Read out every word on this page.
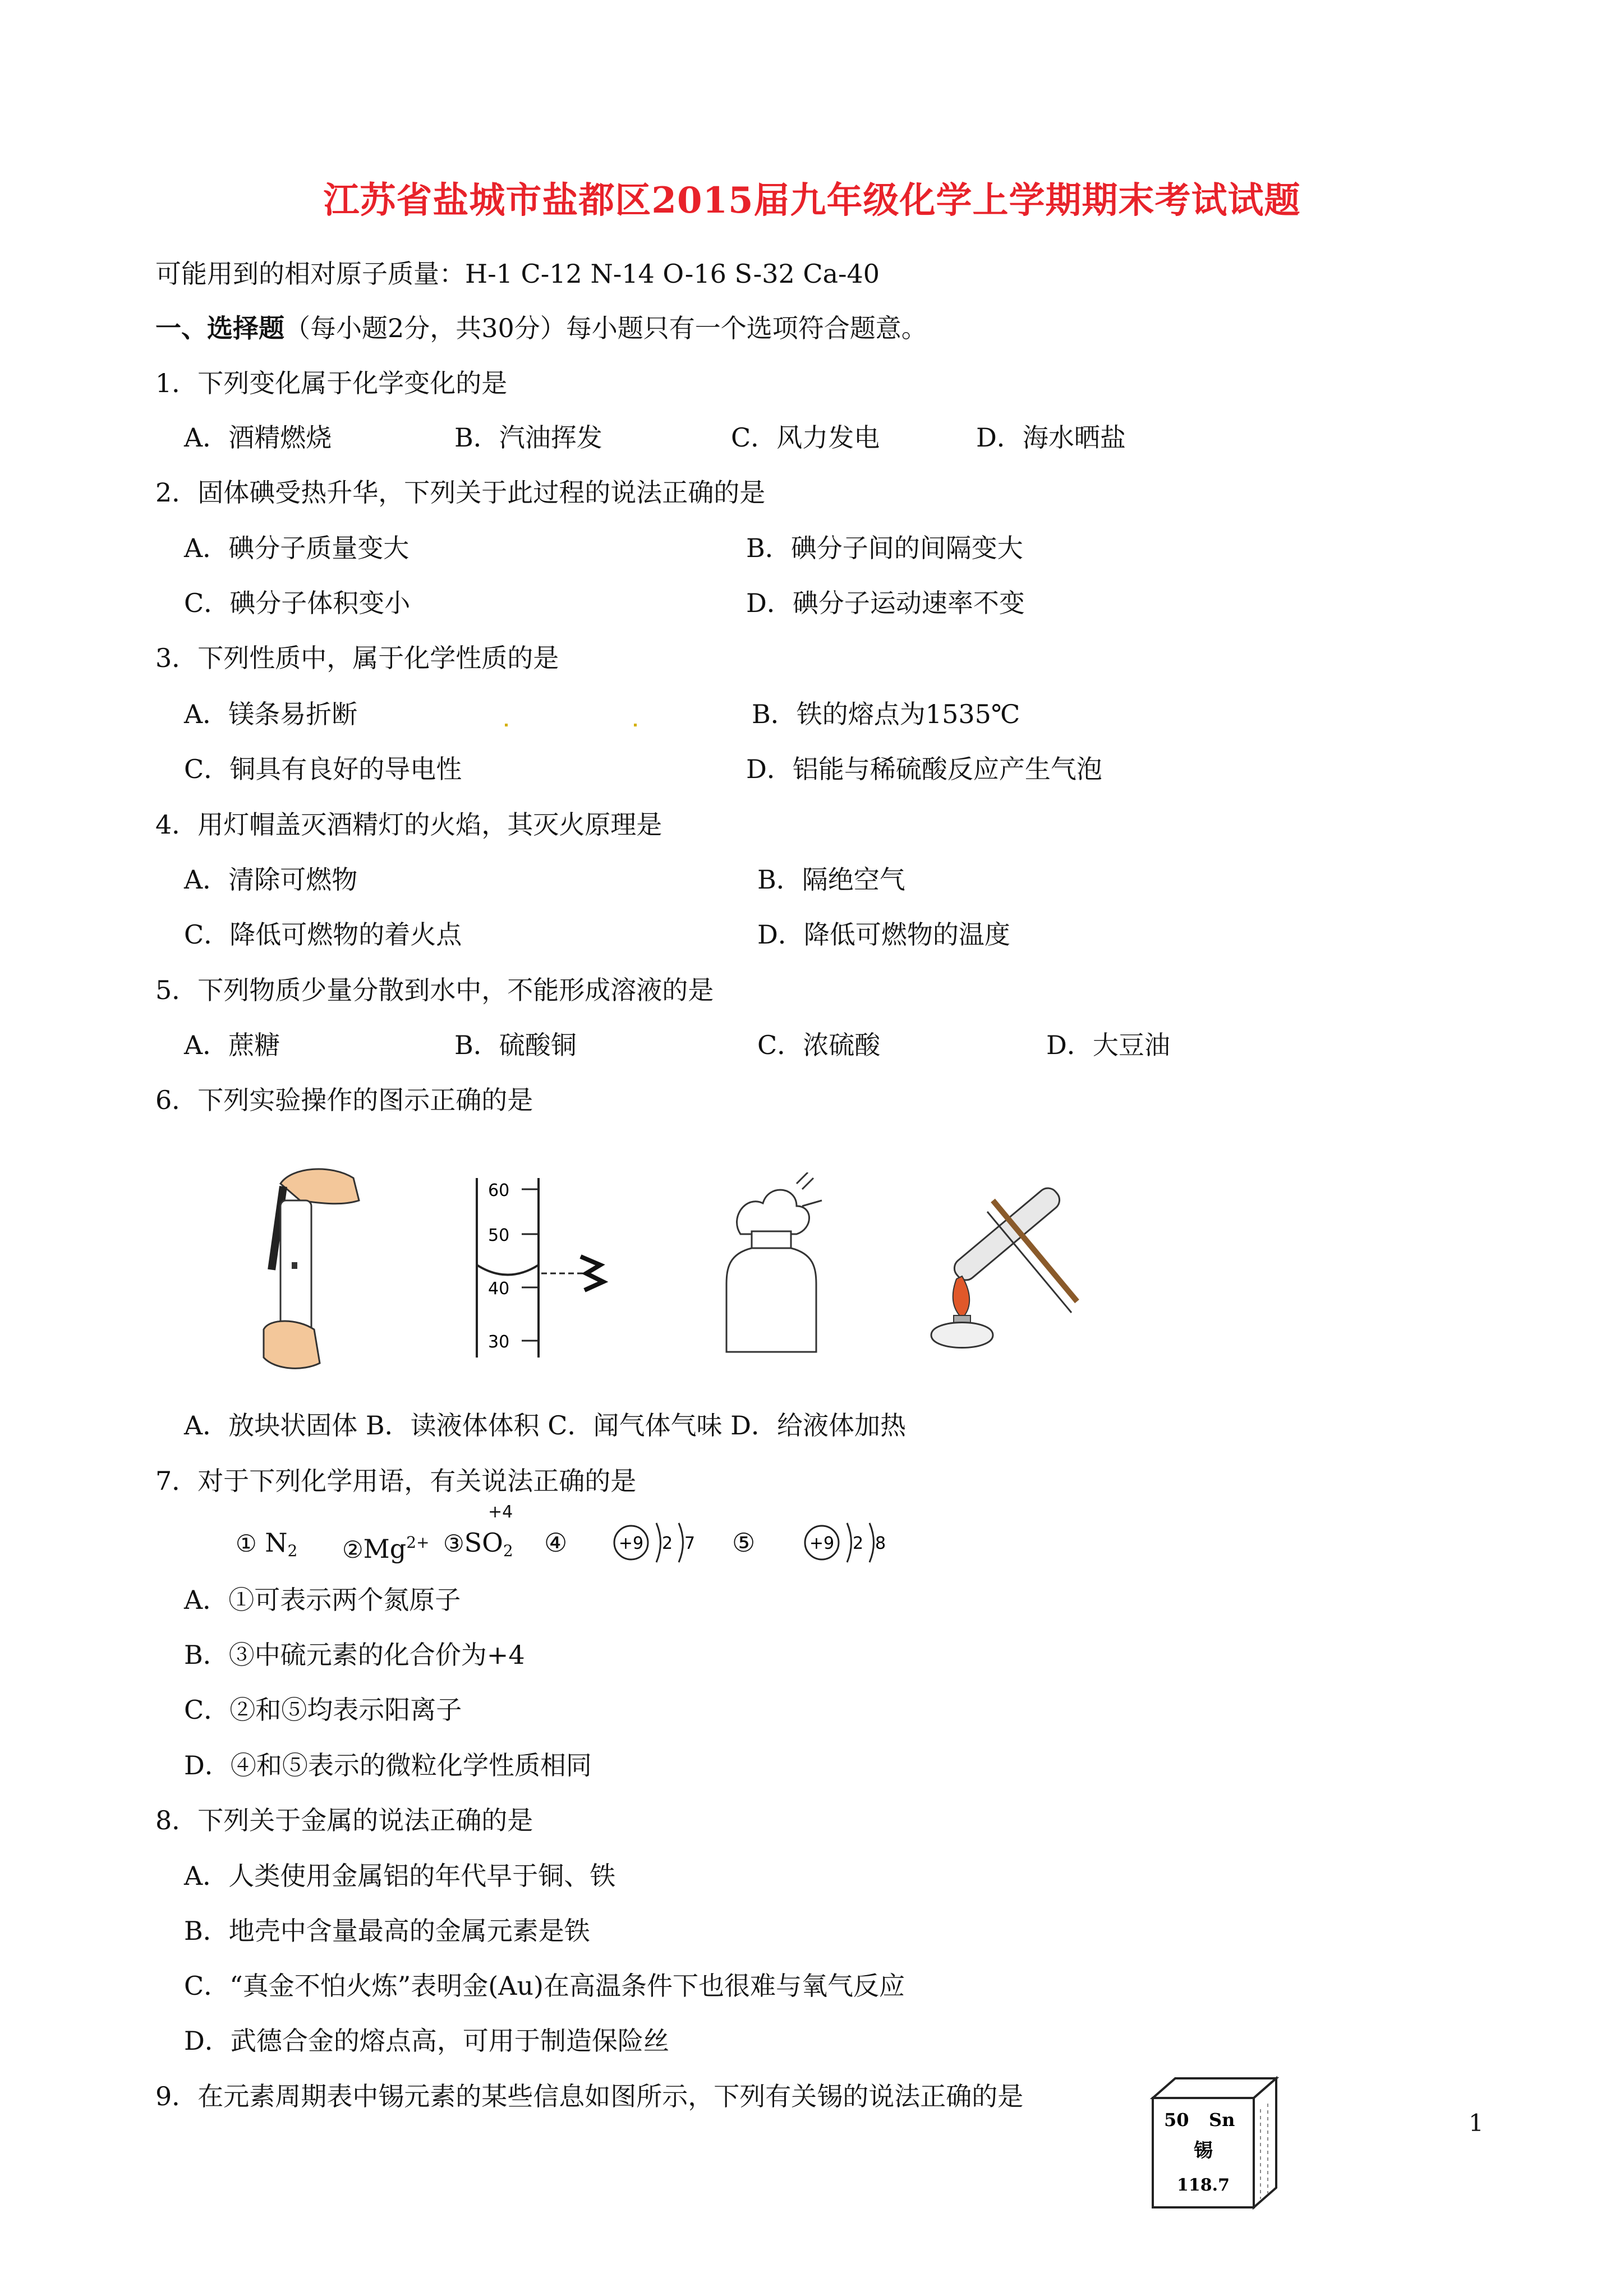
江苏省盐城市盐都区2015届九年级化学上学期期末考试试题
可能用到的相对原子质量：H-1 C-12 N-14 O-16 S-32 Ca-40
一、选择题（每小题2分，共30分）每小题只有一个选项符合题意。
1．下列变化属于化学变化的是
A．酒精燃烧	B．汽油挥发	C．风力发电	D．海水晒盐
2．固体碘受热升华，下列关于此过程的说法正确的是
A．碘分子质量变大	B．碘分子间的间隔变大
C．碘分子体积变小	D．碘分子运动速率不变
3．下列性质中，属于化学性质的是
A．镁条易折断	B．铁的熔点为1535℃
C．铜具有良好的导电性	D．铝能与稀硫酸反应产生气泡
4．用灯帽盖灭酒精灯的火焰，其灭火原理是
A．清除可燃物	B．隔绝空气
C．降低可燃物的着火点	D．降低可燃物的温度
5．下列物质少量分散到水中，不能形成溶液的是
A．蔗糖	B．硫酸铜	C．浓硫酸	D．大豆油
6．下列实验操作的图示正确的是
60
50
40
30
A．放块状固体 B．读液体体积 C．闻气体气味 D．给液体加热
7．对于下列化学用语，有关说法正确的是
① $N_2$ $②Mg^{2+}$ $③SO_2$
+4
④	+9 2 7 ⑤	+9 2 8
A．①可表示两个氮原子
B．③中硫元素的化合价为+4
C．②和⑤均表示阳离子
D．④和⑤表示的微粒化学性质相同
8．下列关于金属的说法正确的是
A．人类使用金属铝的年代早于铜、铁
B．地壳中含量最高的金属元素是铁
C．“真金不怕火炼”表明金(Au)在高温条件下也很难与氧气反应
D．武德合金的熔点高，可用于制造保险丝
9．在元素周期表中锡元素的某些信息如图所示，下列有关锡的说法正确的是
50 Sn
锡
118.7
1
